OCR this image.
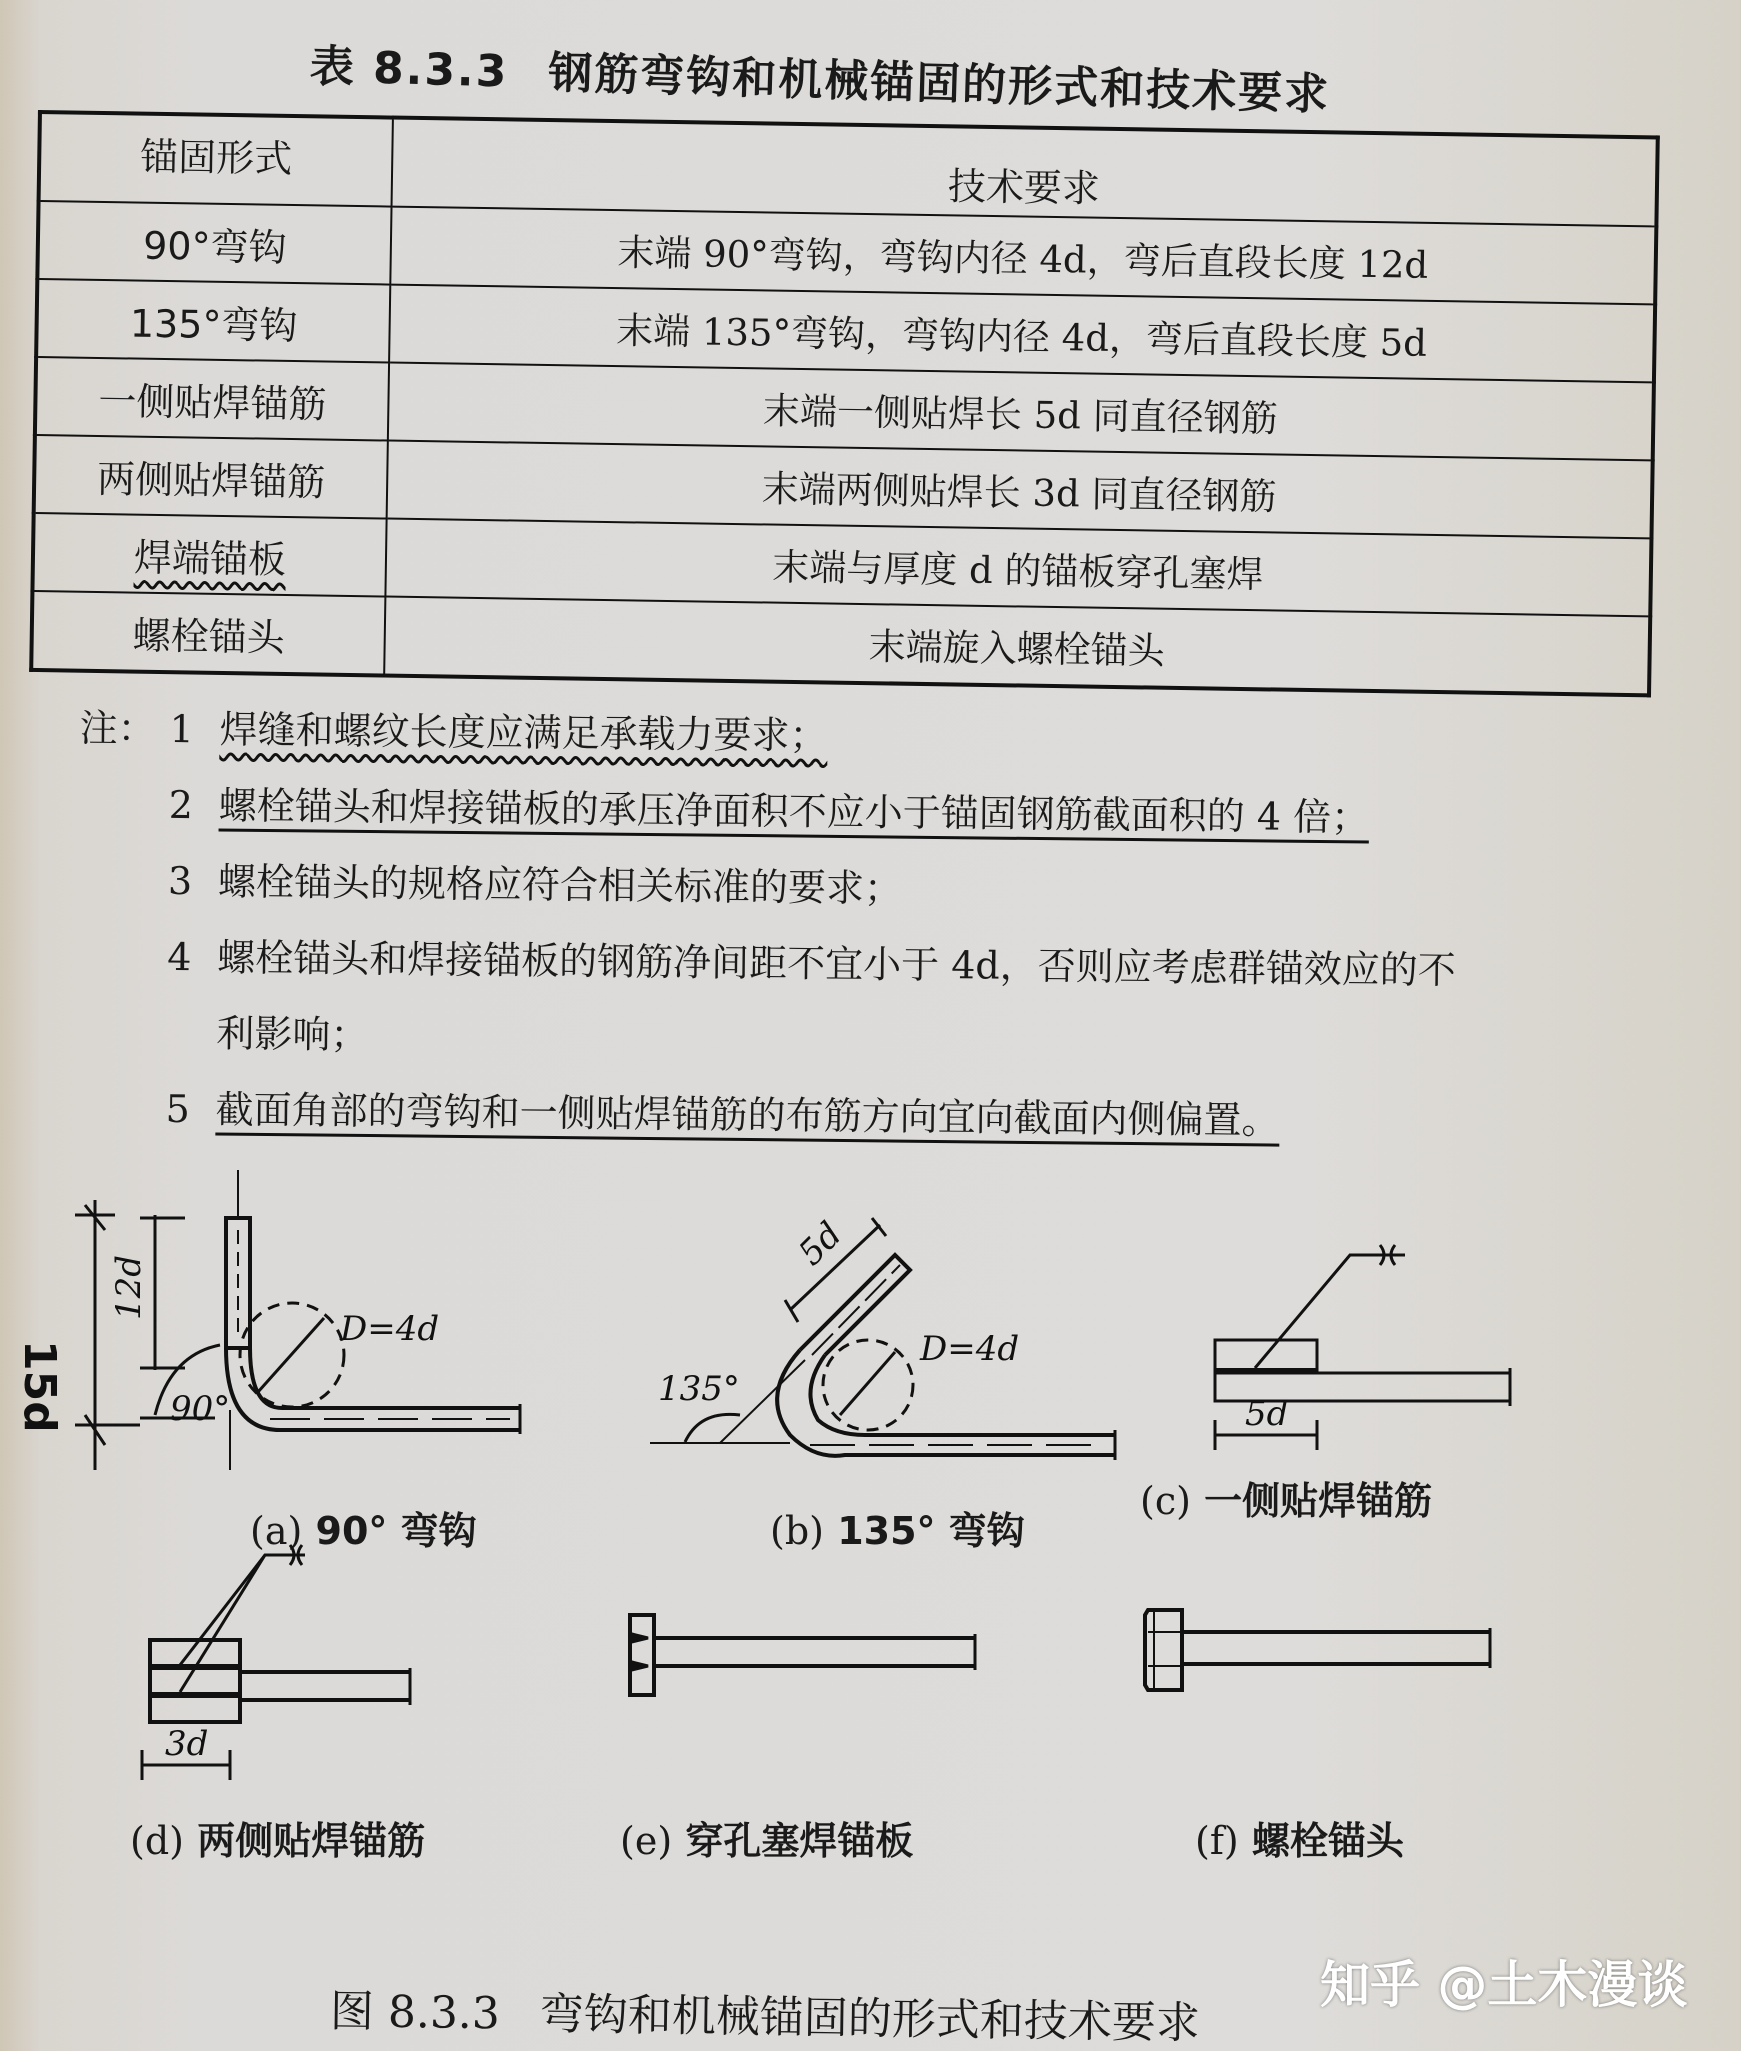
表 8.3.3 钢筋弯钩和机械锚固的形式和技术要求
锚固形式	技术要求
90°弯钩	末端 90°弯钩，弯钩内径 4d，弯后直段长度 12d
135°弯钩	末端 135°弯钩，弯钩内径 4d，弯后直段长度 5d
一侧贴焊锚筋	末端一侧贴焊长 5d 同直径钢筋
两侧贴焊锚筋	末端两侧贴焊长 3d 同直径钢筋
焊端锚板	末端与厚度 d 的锚板穿孔塞焊
螺栓锚头	末端旋入螺栓锚头
注： 1 焊缝和螺纹长度应满足承载力要求；
2 螺栓锚头和焊接锚板的承压净面积不应小于锚固钢筋截面积的 4 倍；
3 螺栓锚头的规格应符合相关标准的要求；
4 螺栓锚头和焊接锚板的钢筋净间距不宜小于 4d，否则应考虑群锚效应的不
利影响；
5 截面角部的弯钩和一侧贴焊锚筋的布筋方向宜向截面内侧偏置。
90°
D=4d
12d
15d
(a) 90° 弯钩
135°
D=4d
5d
(b) 135° 弯钩
5d
(c) 一侧贴焊锚筋
3d
(d) 两侧贴焊锚筋	(e) 穿孔塞焊锚板	(f) 螺栓锚头
图 8.3.3 弯钩和机械锚固的形式和技术要求
知乎 @土木漫谈
